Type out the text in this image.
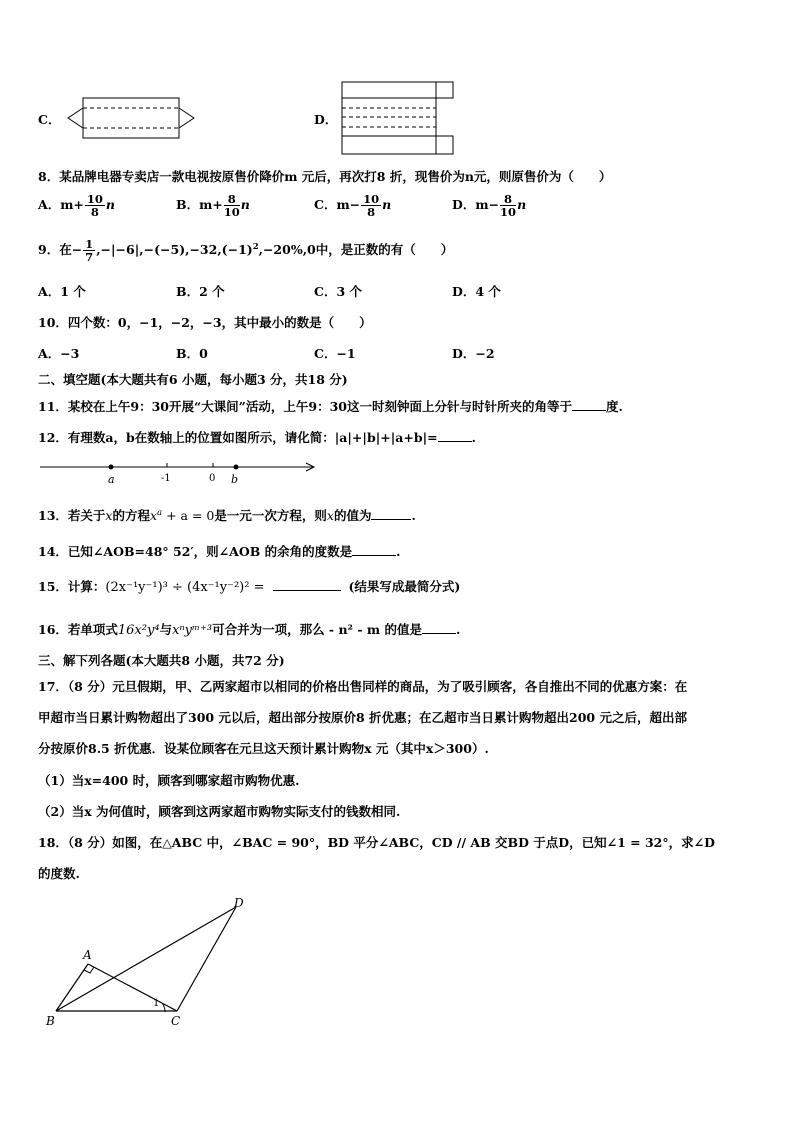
C．	D．
8．某品牌电器专卖店一款电视按原售价降价m 元后，再次打8 折，现售价为n元，则原售价为（　　）
A．$m+ \frac{10}{8}$ n	B．$m+ \frac{8}{10}$ n	C．$m- \frac{10}{8}$ n	D．$m- \frac{8}{10}$ n
9．在− $\frac{1}{7} ,-|-6|,-(-5),-32,(-1)^2,-20\%,0$中，是正数的有（　　）
A．1 个	B．2 个	C．3 个	D．4 个
10．四个数：0，−1，−2，−3，其中最小的数是（　　）
A．−3	B．0	C．−1	D．−2
二、填空题(本大题共有6 小题，每小题3 分，共18 分)
11．某校在上午9：30开展“大课间”活动，上午9：30这一时刻钟面上分针与时针所夹的角等于	度.
12．有理数a，b在数轴上的位置如图所示，请化简：|a|+|b|+|a+b|=	.
a	-1	0 b
13．若关于x的方程$x^a + a = 0$是一元一次方程，则x的值为	.
14．已知∠AOB=48° 52′，则∠AOB 的余角的度数是	.
15．计算：(2x⁻¹y⁻¹)³ ÷ (4x⁻¹y⁻²)² =	(结果写成最简分式)
16．若单项式16x²y⁴与xⁿyᵐ⁺³可合并为一项，那么 - n² - m 的值是	.
三、解下列各题(本大题共8 小题，共72 分)
17．（8 分）元旦假期，甲、乙两家超市以相同的价格出售同样的商品，为了吸引顾客，各自推出不同的优惠方案：在
甲超市当日累计购物超出了300 元以后，超出部分按原价8 折优惠；在乙超市当日累计购物超出200 元之后，超出部
分按原价8.5 折优惠．设某位顾客在元旦这天预计累计购物x 元（其中x＞300）.
（1）当x=400 时，顾客到哪家超市购物优惠.
（2）当x 为何值时，顾客到这两家超市购物实际支付的钱数相同.
18．（8 分）如图，在△ABC 中，∠BAC = 90°，BD 平分∠ABC，CD // AB 交BD 于点D，已知∠1 = 32°，求∠D
的度数.
A
B	C
D
1
